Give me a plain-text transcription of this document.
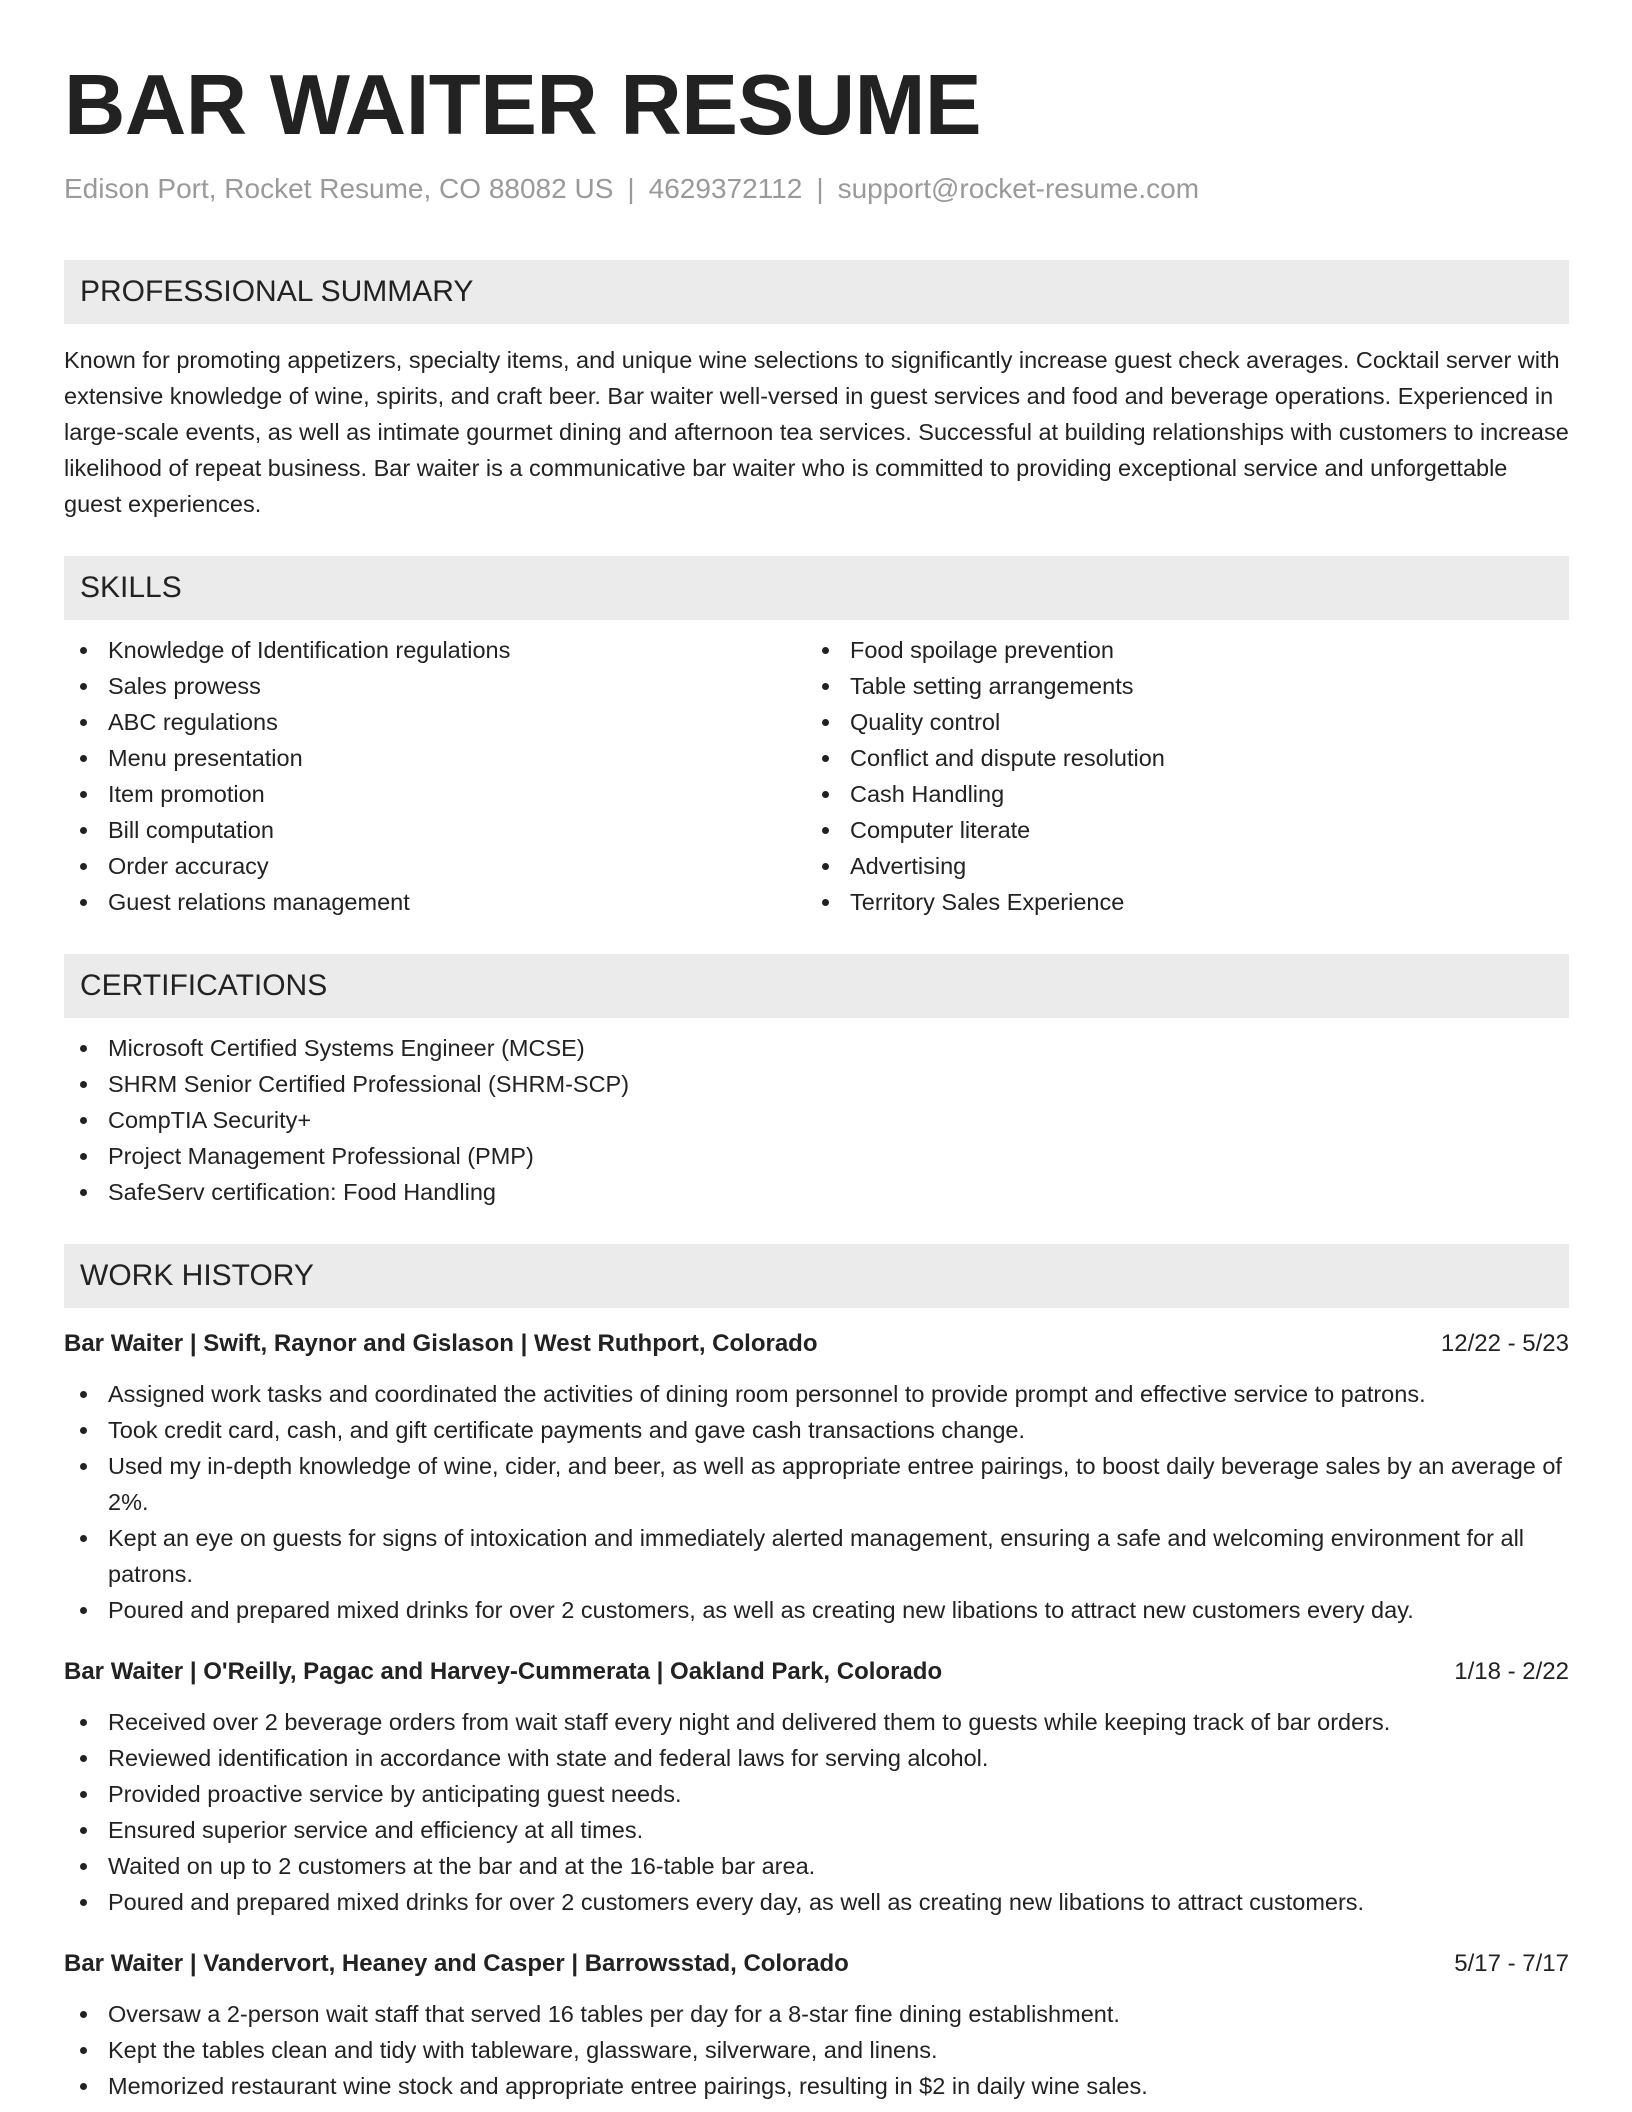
BAR WAITER RESUME
Edison Port, Rocket Resume, CO 88082 US | 4629372112 | support@rocket-resume.com
PROFESSIONAL SUMMARY
Known for promoting appetizers, specialty items, and unique wine selections to significantly increase guest check averages. Cocktail server with extensive knowledge of wine, spirits, and craft beer. Bar waiter well-versed in guest services and food and beverage operations. Experienced in large-scale events, as well as intimate gourmet dining and afternoon tea services. Successful at building relationships with customers to increase likelihood of repeat business. Bar waiter is a communicative bar waiter who is committed to providing exceptional service and unforgettable guest experiences.
SKILLS
Knowledge of Identification regulations
Sales prowess
ABC regulations
Menu presentation
Item promotion
Bill computation
Order accuracy
Guest relations management
Food spoilage prevention
Table setting arrangements
Quality control
Conflict and dispute resolution
Cash Handling
Computer literate
Advertising
Territory Sales Experience
CERTIFICATIONS
Microsoft Certified Systems Engineer (MCSE)
SHRM Senior Certified Professional (SHRM-SCP)
CompTIA Security+
Project Management Professional (PMP)
SafeServ certification: Food Handling
WORK HISTORY
Bar Waiter | Swift, Raynor and Gislason | West Ruthport, Colorado	12/22 - 5/23
Assigned work tasks and coordinated the activities of dining room personnel to provide prompt and effective service to patrons.
Took credit card, cash, and gift certificate payments and gave cash transactions change.
Used my in-depth knowledge of wine, cider, and beer, as well as appropriate entree pairings, to boost daily beverage sales by an average of 2%.
Kept an eye on guests for signs of intoxication and immediately alerted management, ensuring a safe and welcoming environment for all patrons.
Poured and prepared mixed drinks for over 2 customers, as well as creating new libations to attract new customers every day.
Bar Waiter | O'Reilly, Pagac and Harvey-Cummerata | Oakland Park, Colorado	1/18 - 2/22
Received over 2 beverage orders from wait staff every night and delivered them to guests while keeping track of bar orders.
Reviewed identification in accordance with state and federal laws for serving alcohol.
Provided proactive service by anticipating guest needs.
Ensured superior service and efficiency at all times.
Waited on up to 2 customers at the bar and at the 16-table bar area.
Poured and prepared mixed drinks for over 2 customers every day, as well as creating new libations to attract customers.
Bar Waiter | Vandervort, Heaney and Casper | Barrowsstad, Colorado	5/17 - 7/17
Oversaw a 2-person wait staff that served 16 tables per day for a 8-star fine dining establishment.
Kept the tables clean and tidy with tableware, glassware, silverware, and linens.
Memorized restaurant wine stock and appropriate entree pairings, resulting in $2 in daily wine sales.
